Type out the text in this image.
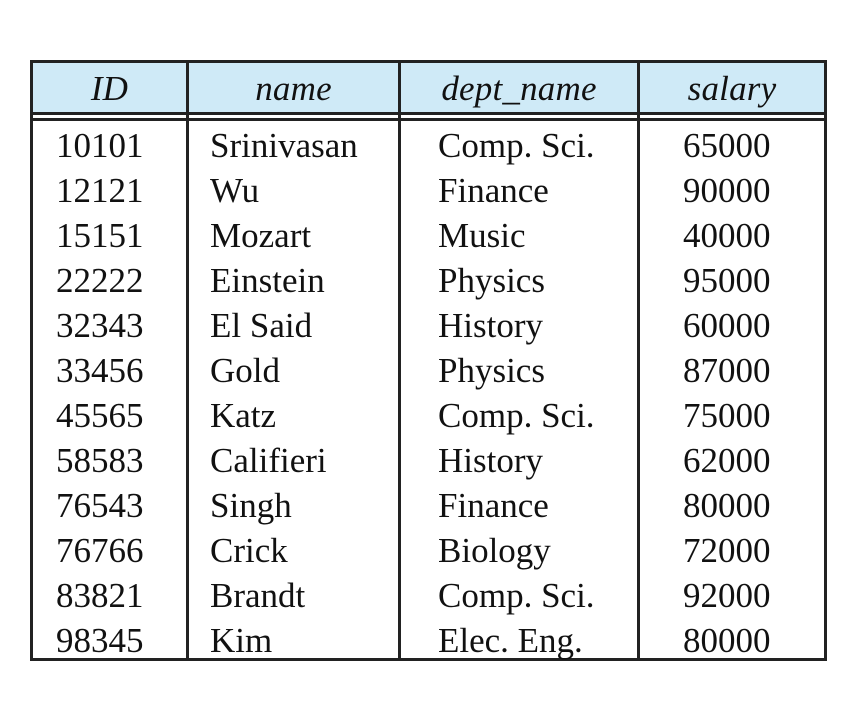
ID	name	dept_name	salary
10101	Srinivasan	Comp. Sci.	65000
12121	Wu	Finance	90000
15151	Mozart	Music	40000
22222	Einstein	Physics	95000
32343	El Said	History	60000
33456	Gold	Physics	87000
45565	Katz	Comp. Sci.	75000
58583	Califieri	History	62000
76543	Singh	Finance	80000
76766	Crick	Biology	72000
83821	Brandt	Comp. Sci.	92000
98345	Kim	Elec. Eng.	80000
